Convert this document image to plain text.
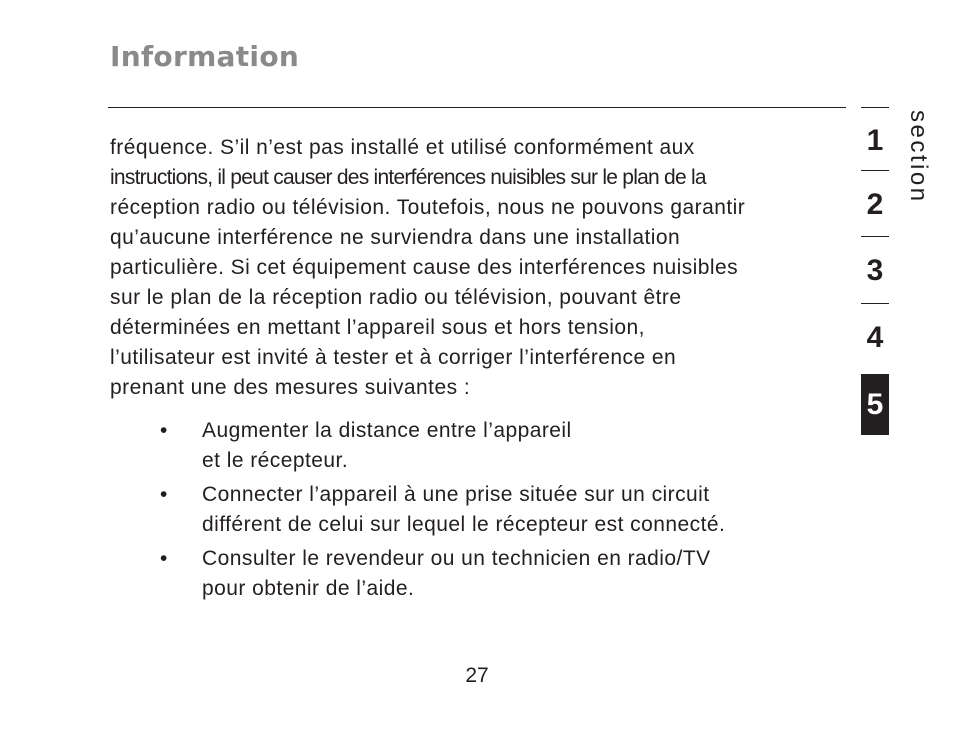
Information
fréquence. S’il n’est pas installé et utilisé conformément aux
instructions, il peut causer des interférences nuisibles sur le plan de la
réception radio ou télévision. Toutefois, nous ne pouvons garantir
qu’aucune interférence ne surviendra dans une installation
particulière. Si cet équipement cause des interférences nuisibles
sur le plan de la réception radio ou télévision, pouvant être
déterminées en mettant l’appareil sous et hors tension,
l’utilisateur est invité à tester et à corriger l’interférence en
prenant une des mesures suivantes :
•	Augmenter la distance entre l’appareil
et le récepteur.
•	Connecter l’appareil à une prise située sur un circuit
différent de celui sur lequel le récepteur est connecté.
•	Consulter le revendeur ou un technicien en radio/TV
pour obtenir de l’aide.
1
2
3
4
5
section
27
